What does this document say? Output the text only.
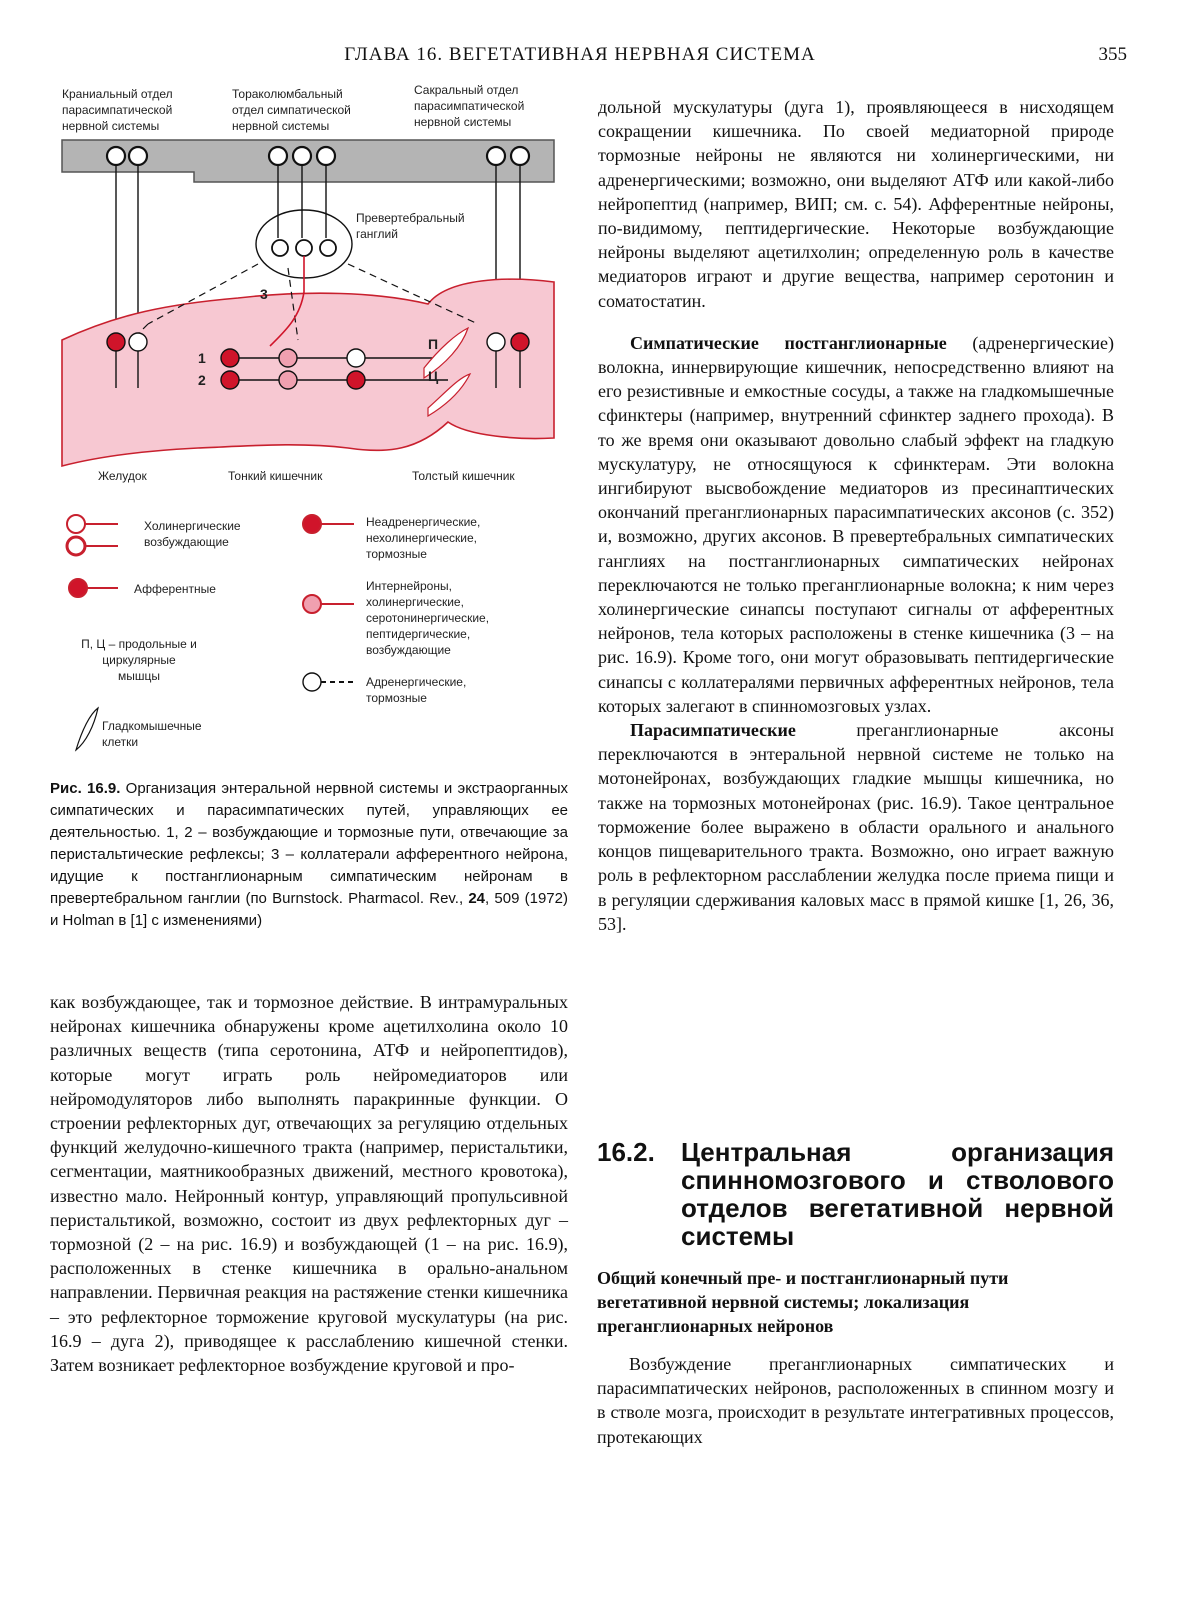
ГЛАВА 16. ВЕГЕТАТИВНАЯ НЕРВНАЯ СИСТЕМА	355
Краниальный отдел
парасимпатической
нервной системы
Тораколюмбальный
отдел симпатической
нервной системы
Сакральный отдел
парасимпатической
нервной системы
Превертебральный
ганглий
3
1
2
П
Ц
Желудок	Тонкий кишечник	Толстый кишечник
Холинергические
возбуждающие
Неадренергические,
нехолинергические,
тормозные
Афферентные	Интернейроны,
холинергические,
серотонинергические,
пептидергические,
возбуждающие
П, Ц – продольные и
циркулярные
мышцы	Адренергические,
тормозные
Гладкомышечные
клетки
Рис. 16.9. Организация энтеральной нервной системы и экстраорганных симпатических и парасимпатических путей, управляющих ее деятельностью. 1, 2 – возбуждающие и тормозные пути, отвечающие за перистальтические рефлексы; 3 – коллатерали афферентного нейрона, идущие к постганглионарным симпатическим нейронам в превертебральном ганглии (по Burnstock. Pharmacol. Rev., 24, 509 (1972) и Holman в [1] с изменениями)

как возбуждающее, так и тормозное действие. В интрамуральных нейронах кишечника обнаружены кроме ацетилхолина около 10 различных веществ (типа серотонина, АТФ и нейропептидов), которые могут играть роль нейромедиаторов или нейромодуляторов либо выполнять паракринные функции. О строении рефлекторных дуг, отвечающих за регуляцию отдельных функций желудочно-кишечного тракта (например, перистальтики, сегментации, маятникообразных движений, местного кровотока), известно мало. Нейронный контур, управляющий пропульсивной перистальтикой, возможно, состоит из двух рефлекторных дуг – тормозной (2 – на рис. 16.9) и возбуждающей (1 – на рис. 16.9), расположенных в стенке кишечника в орально-анальном направлении. Первичная реакция на растяжение стенки кишечника – это рефлекторное торможение круговой мускулатуры (на рис. 16.9 – дуга 2), приводящее к расслаблению кишечной стенки. Затем возникает рефлекторное возбуждение круговой и про-

дольной мускулатуры (дуга 1), проявляющееся в нисходящем сокращении кишечника. По своей медиаторной природе тормозные нейроны не являются ни холинергическими, ни адренергическими; возможно, они выделяют АТФ или какой-либо нейропептид (например, ВИП; см. с. 54). Афферентные нейроны, по-видимому, пептидергические. Некоторые возбуждающие нейроны выделяют ацетилхолин; определенную роль в качестве медиаторов играют и другие вещества, например серотонин и соматостатин.

Симпатические постганглионарные (адренергические) волокна, иннервирующие кишечник, непосредственно влияют на его резистивные и емкостные сосуды, а также на гладкомышечные сфинктеры (например, внутренний сфинктер заднего прохода). В то же время они оказывают довольно слабый эффект на гладкую мускулатуру, не относящуюся к сфинктерам. Эти волокна ингибируют высвобождение медиаторов из пресинаптических окончаний преганглионарных парасимпатических аксонов (с. 352) и, возможно, других аксонов. В превертебральных симпатических ганглиях на постганглионарных симпатических нейронах переключаются не только преганглионарные волокна; к ним через холинергические синапсы поступают сигналы от афферентных нейронов, тела которых расположены в стенке кишечника (3 – на рис. 16.9). Кроме того, они могут образовывать пептидергические синапсы с коллатералями первичных афферентных нейронов, тела которых залегают в спинномозговых узлах.

Парасимпатические преганглионарные аксоны переключаются в энтеральной нервной системе не только на мотонейронах, возбуждающих гладкие мышцы кишечника, но также на тормозных мотонейронах (рис. 16.9). Такое центральное торможение более выражено в области орального и анального концов пищеварительного тракта. Возможно, оно играет важную роль в рефлекторном расслаблении желудка после приема пищи и в регуляции сдерживания каловых масс в прямой кишке [1, 26, 36, 53].

16.2. Центральная организация спинномозгового и стволового отделов вегетативной нервной системы
Общий конечный пре- и постганглионарный пути вегетативной нервной системы; локализация преганглионарных нейронов
Возбуждение преганглионарных симпатических и парасимпатических нейронов, расположенных в спинном мозгу и в стволе мозга, происходит в результате интегративных процессов, протекающих
